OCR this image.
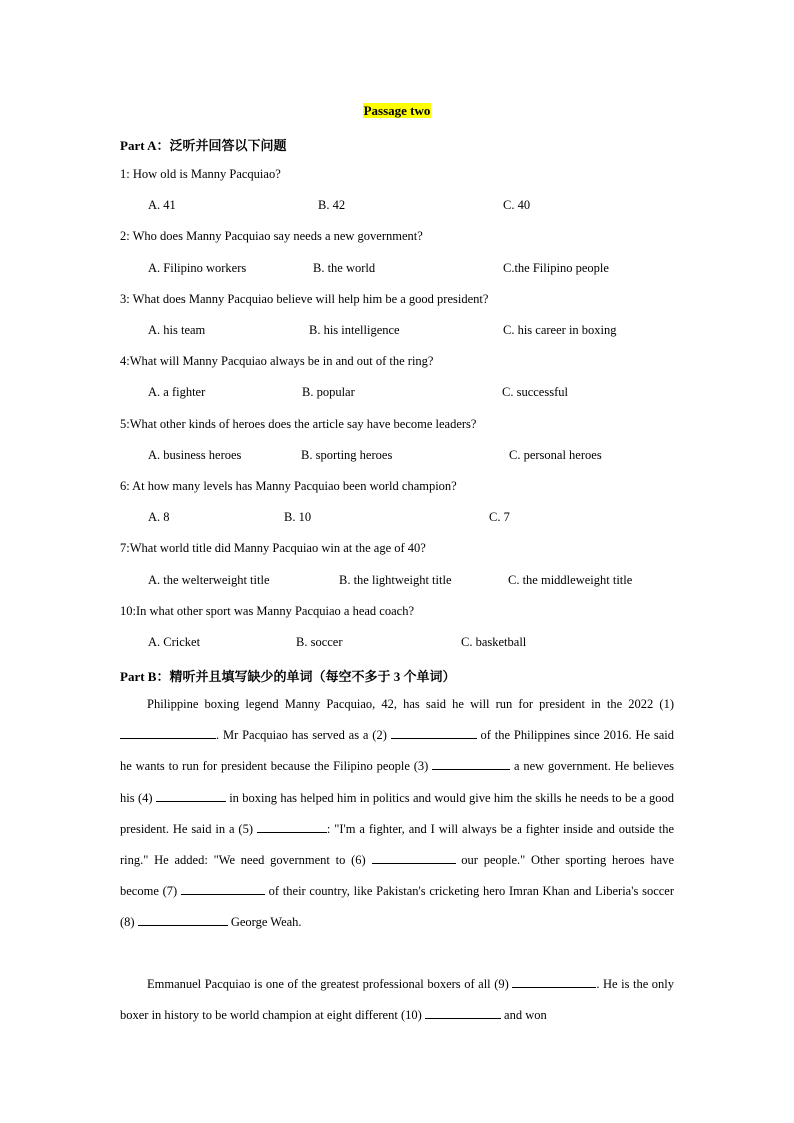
Passage two
Part A：泛听并回答以下问题
1: How old is Manny Pacquiao?
A. 41	B. 42	C. 40
2: Who does Manny Pacquiao say needs a new government?
A. Filipino workers	B. the world	C.the Filipino people
3: What does Manny Pacquiao believe will help him be a good president?
A. his team	B. his intelligence	C. his career in boxing
4:What will Manny Pacquiao always be in and out of the ring?
A. a fighter	B. popular	C. successful
5:What other kinds of heroes does the article say have become leaders?
A. business heroes	B. sporting heroes	C. personal heroes
6: At how many levels has Manny Pacquiao been world champion?
A. 8	B. 10	C. 7
7:What world title did Manny Pacquiao win at the age of 40?
A. the welterweight title	B. the lightweight title	C. the middleweight title
10:In what other sport was Manny Pacquiao a head coach?
A. Cricket	B. soccer	C. basketball
Part B：精听并且填写缺少的单词（每空不多于 3 个单词）
Philippine boxing legend Manny Pacquiao, 42, has said he will run for president in the 2022 (1) . Mr Pacquiao has served as a (2)	of the Philippines since 2016. He said he wants to run for president because the Filipino people (3)	a new government. He believes his (4)	in boxing has helped him in politics and would give him the skills he needs to be a good president. He said in a (5)	: "I'm a fighter, and I will always be a fighter inside and outside the ring." He added: "We need government to (6)	our people." Other sporting heroes have become (7)	of their country, like Pakistan's cricketing hero Imran Khan and Liberia's soccer (8)	George Weah.
Emmanuel Pacquiao is one of the greatest professional boxers of all (9)	. He is the only boxer in history to be world champion at eight different (10)	and won
